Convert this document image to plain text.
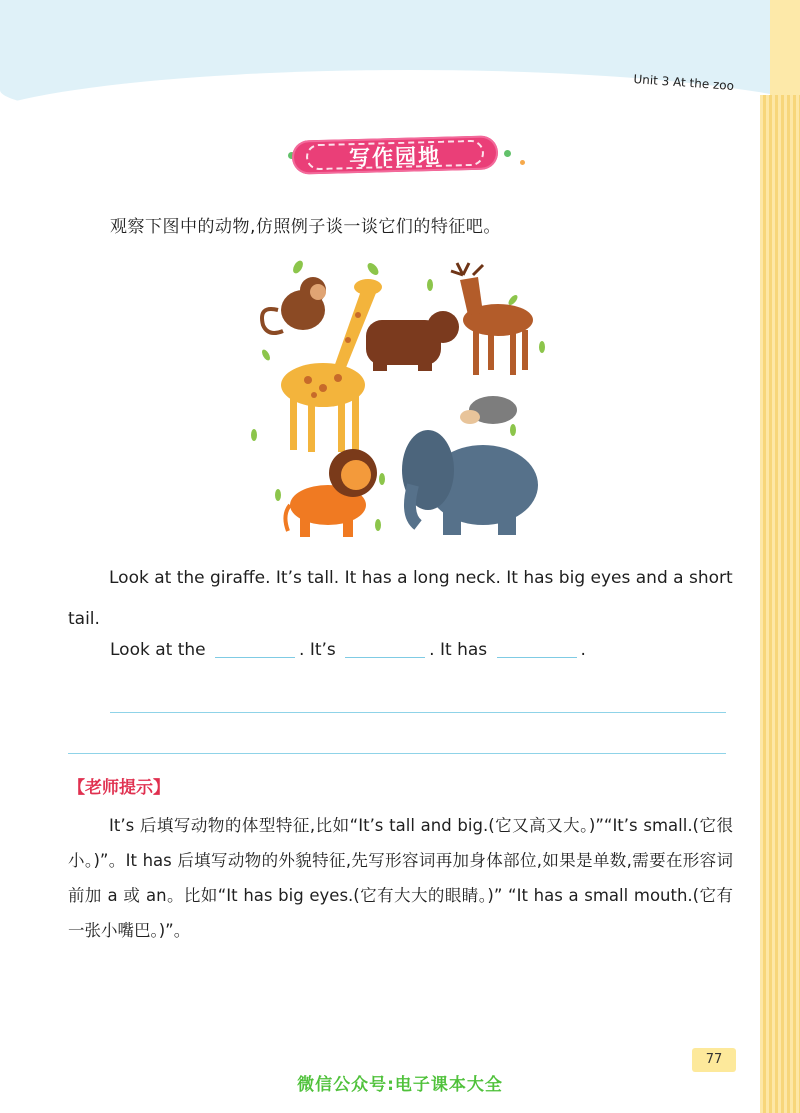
Unit 3 At the zoo
写作园地
观察下图中的动物,仿照例子谈一谈它们的特征吧。
Look at the giraffe. It’s tall. It has a long neck. It has big eyes and a short tail.
Look at the	. It’s	. It has	.
【老师提示】
It’s 后填写动物的体型特征,比如“It’s tall and big.(它又高又大。)”“It’s small.(它很小。)”。It has 后填写动物的外貌特征,先写形容词再加身体部位,如果是单数,需要在形容词前加 a 或 an。比如“It has big eyes.(它有大大的眼睛。)” “It has a small mouth.(它有一张小嘴巴。)”。
77
微信公众号:电子课本大全
